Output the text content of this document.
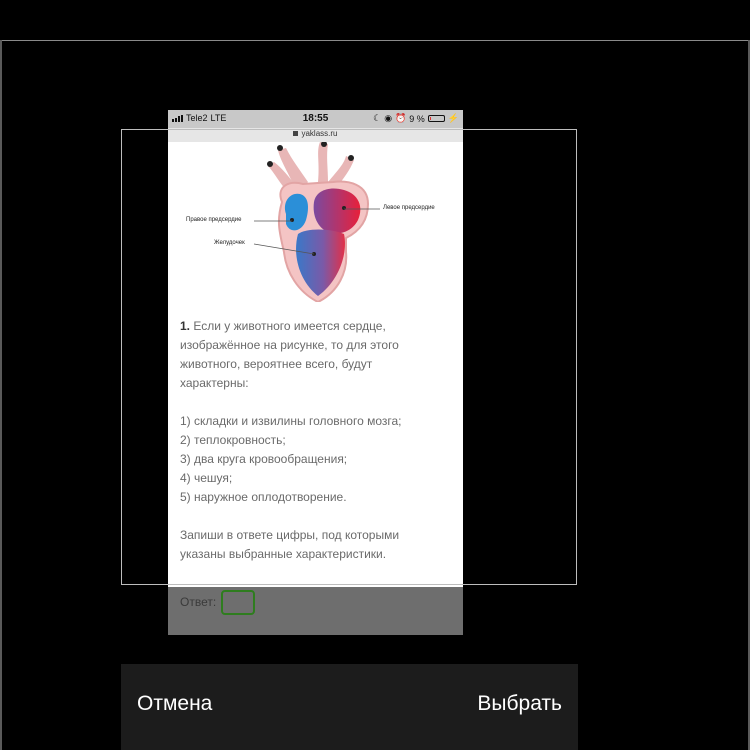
Tele2 LTE	18:55	☾ ◉ ⏰ 9 %	⚡
yaklass.ru
Правое предсердие
Левое предсердие
Желудочек

1. Если у животного имеется сердце,

изображённое на рисунке, то для этого

животного, вероятнее всего, будут

характерны:

1) складки и извилины головного мозга;

2) теплокровность;

3) два круга кровообращения;

4) чешуя;

5) наружное оплодотворение.

Запиши в ответе цифры, под которыми

указаны выбранные характеристики.

Ответ:
Отмена	Выбрать
